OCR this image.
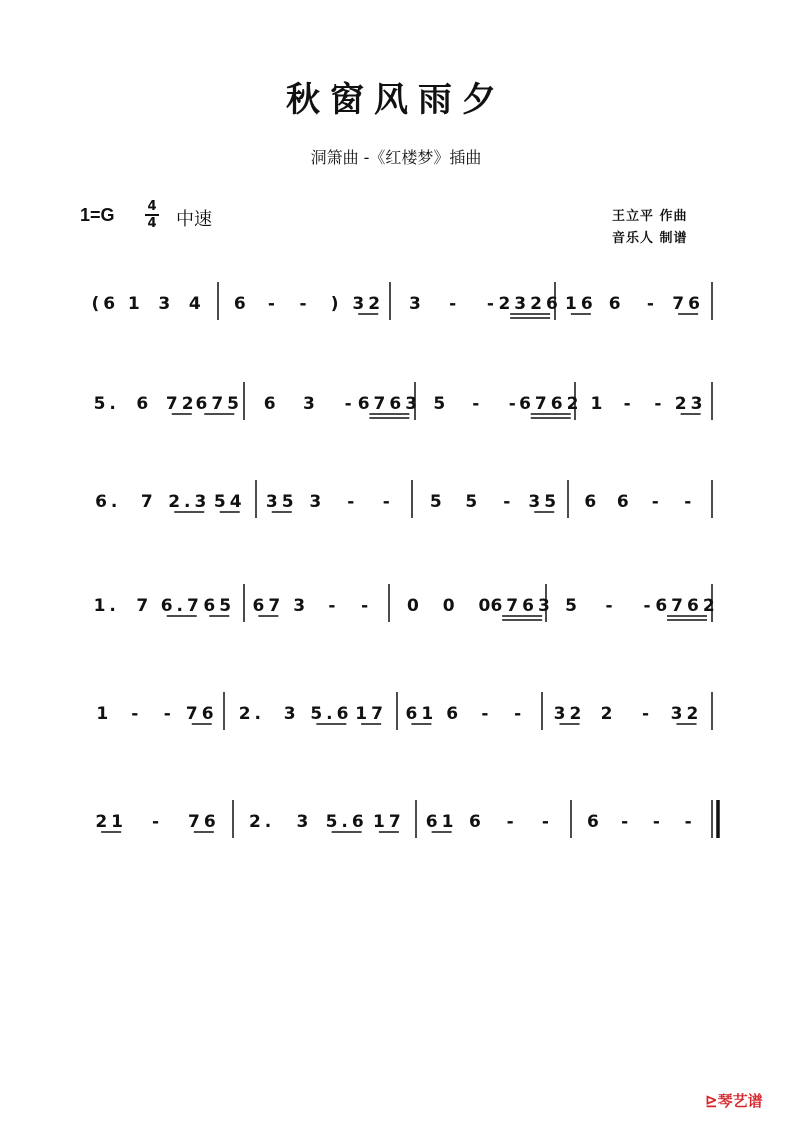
秋窗风雨夕
洞箫曲 -《红楼梦》插曲
1=G	4
4 中速	王立平 作曲
音乐人 制谱
(6 1 3 4 6 - - ) 32 3 - - 2326 16 6 - 76
5. 6 72
675 6 3 - 6763 5 - - 6762 1 - - 23
6. 7 2.3 54 35 3 - - 5 5 - 35 6 6 - -
1. 7 6.7 65 67 3 - - 0 0 0
6763 5 - - 6762
1 - - 76 2. 3 5.6 17 61 6 - - 32 2 - 32
21 - 76 2. 3 5.6 17 61 6 - - 6 - - -
⊵琴艺谱
